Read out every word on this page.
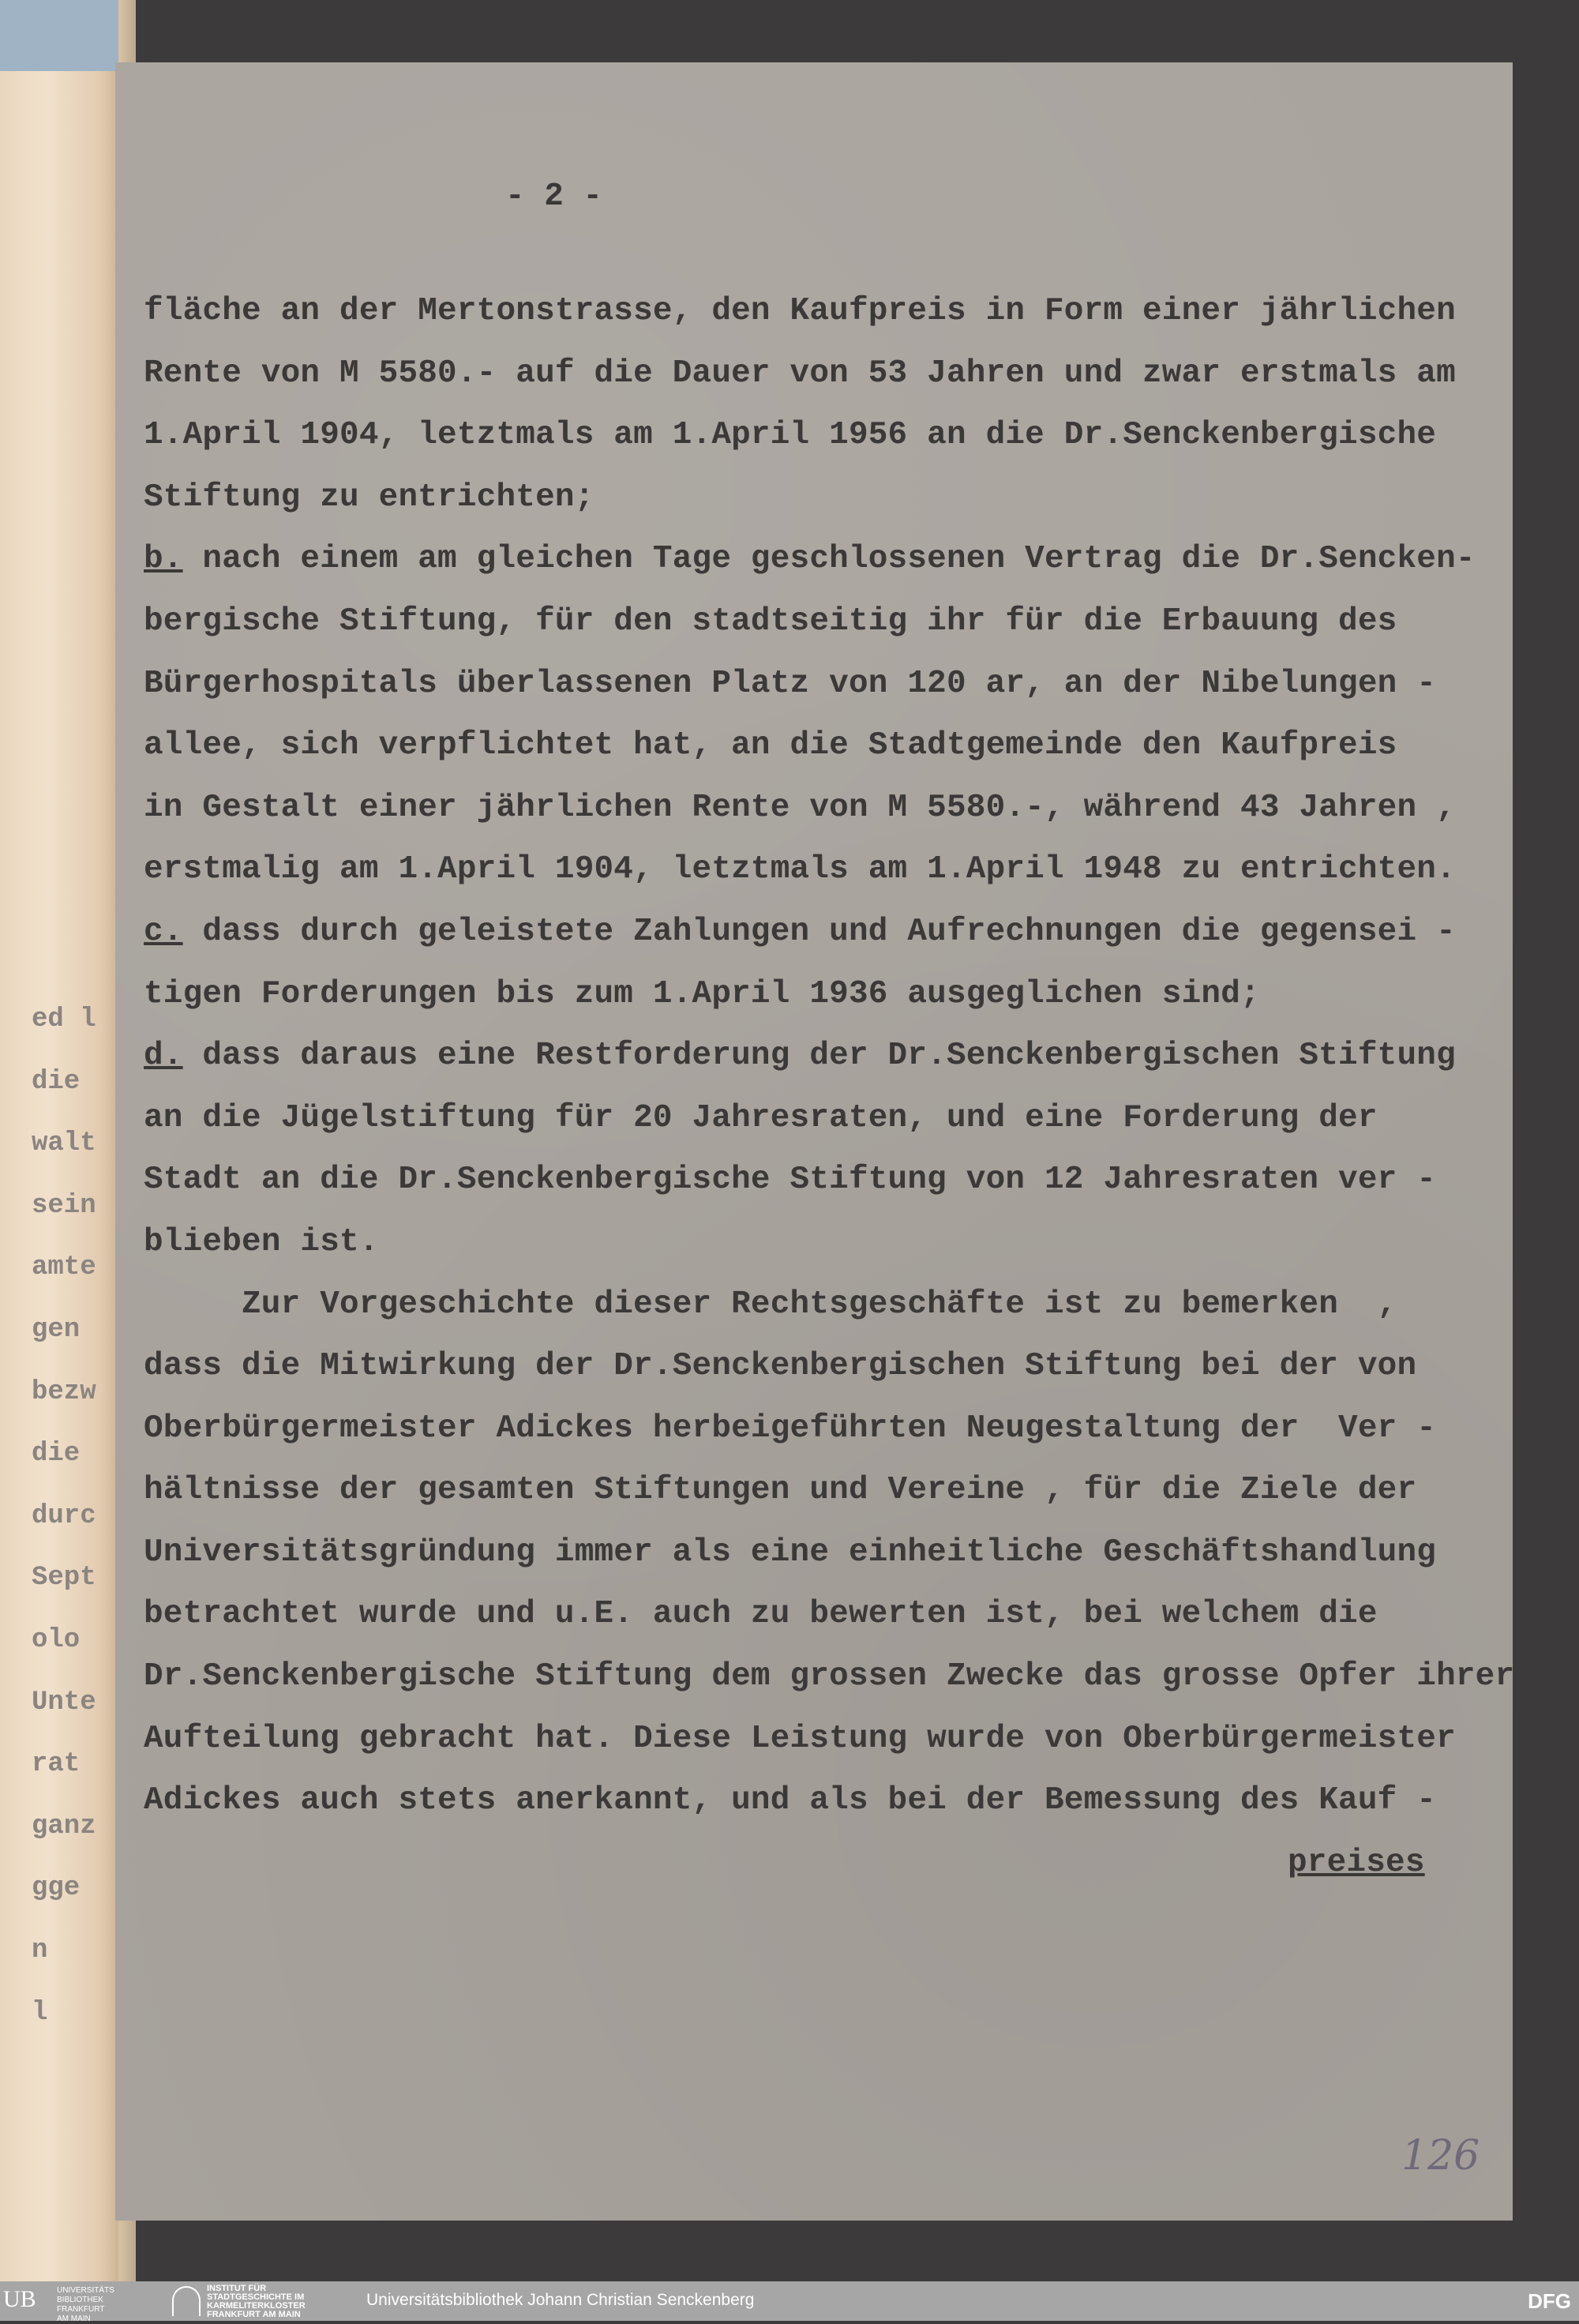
ed l
die
walt
sein
amte
gen
bezw
die
durc
Sept
olo
Unte
rat
ganz
gge
n
l
- 2 -
fläche an der Mertonstrasse, den Kaufpreis in Form einer jährlichen
Rente von M 5580.- auf die Dauer von 53 Jahren und zwar erstmals am
1.April 1904, letztmals am 1.April 1956 an die Dr.Senckenbergische
Stiftung zu entrichten;
b. nach einem am gleichen Tage geschlossenen Vertrag die Dr.Sencken-
bergische Stiftung, für den stadtseitig ihr für die Erbauung des
Bürgerhospitals überlassenen Platz von 120 ar, an der Nibelungen -
allee, sich verpflichtet hat, an die Stadtgemeinde den Kaufpreis
in Gestalt einer jährlichen Rente von M 5580.-, während 43 Jahren ,
erstmalig am 1.April 1904, letztmals am 1.April 1948 zu entrichten.
c. dass durch geleistete Zahlungen und Aufrechnungen die gegensei -
tigen Forderungen bis zum 1.April 1936 ausgeglichen sind;
d. dass daraus eine Restforderung der Dr.Senckenbergischen Stiftung
an die Jügelstiftung für 20 Jahresraten, und eine Forderung der
Stadt an die Dr.Senckenbergische Stiftung von 12 Jahresraten ver -
blieben ist.
Zur Vorgeschichte dieser Rechtsgeschäfte ist zu bemerken  ,
dass die Mitwirkung der Dr.Senckenbergischen Stiftung bei der von
Oberbürgermeister Adickes herbeigeführten Neugestaltung der  Ver -
hältnisse der gesamten Stiftungen und Vereine , für die Ziele der
Universitätsgründung immer als eine einheitliche Geschäftshandlung
betrachtet wurde und u.E. auch zu bewerten ist, bei welchem die
Dr.Senckenbergische Stiftung dem grossen Zwecke das grosse Opfer ihrer
Aufteilung gebracht hat. Diese Leistung wurde von Oberbürgermeister
Adickes auch stets anerkannt, und als bei der Bemessung des Kauf -
preises
126
UB	UNIVERSITÄTS BIBLIOTHEK FRANKFURT AM MAIN
INSTITUT FÜR STADTGESCHICHTE IM KARMELITERKLOSTER FRANKFURT AM MAIN
Universitätsbibliothek Johann Christian Senckenberg	DFG
